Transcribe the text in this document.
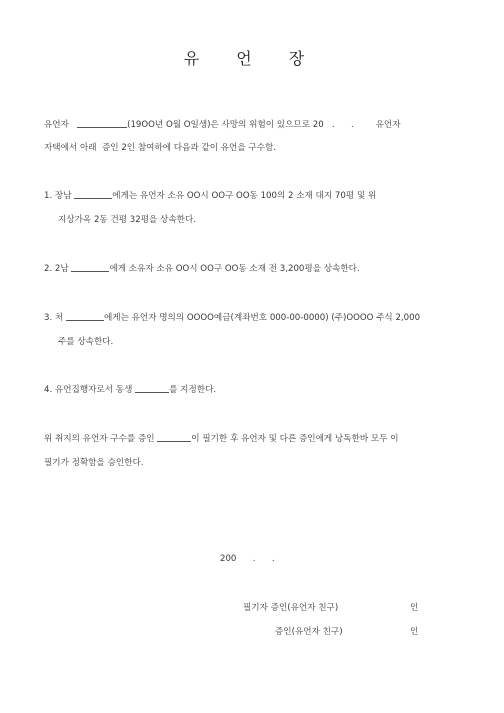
유 언 장
유언자	(19OO년 O월 O일생)은 사망의 위험이 있으므로 20 . .	유언자
자택에서 아래  증인 2인 참여하에 다음과 같이 유언을 구수함.
1. 장남	에게는 유언자 소유 OO시 OO구 OO동 100의 2 소재 대지 70평 및 위
지상가옥 2동 건평 32평을 상속한다.
2. 2남	에게 소유자 소유 OO시 OO구 OO동 소재 전 3,200평을 상속한다.
3. 처	에게는 유언자 명의의 OOOO예금(계좌번호 000-00-0000) (주)OOOO 주식 2,000
주를 상속한다.
4. 유언집행자로서 동생	를 지정한다.
위 취지의 유언자 구수를 증인	이 필기한 후 유언자 및 다른 증인에게 낭독한바 모두 이
필기가 정확함을 승인한다.
200 . .
필기자 증인(유언자 친구)	인
증인(유언자 친구)	인
